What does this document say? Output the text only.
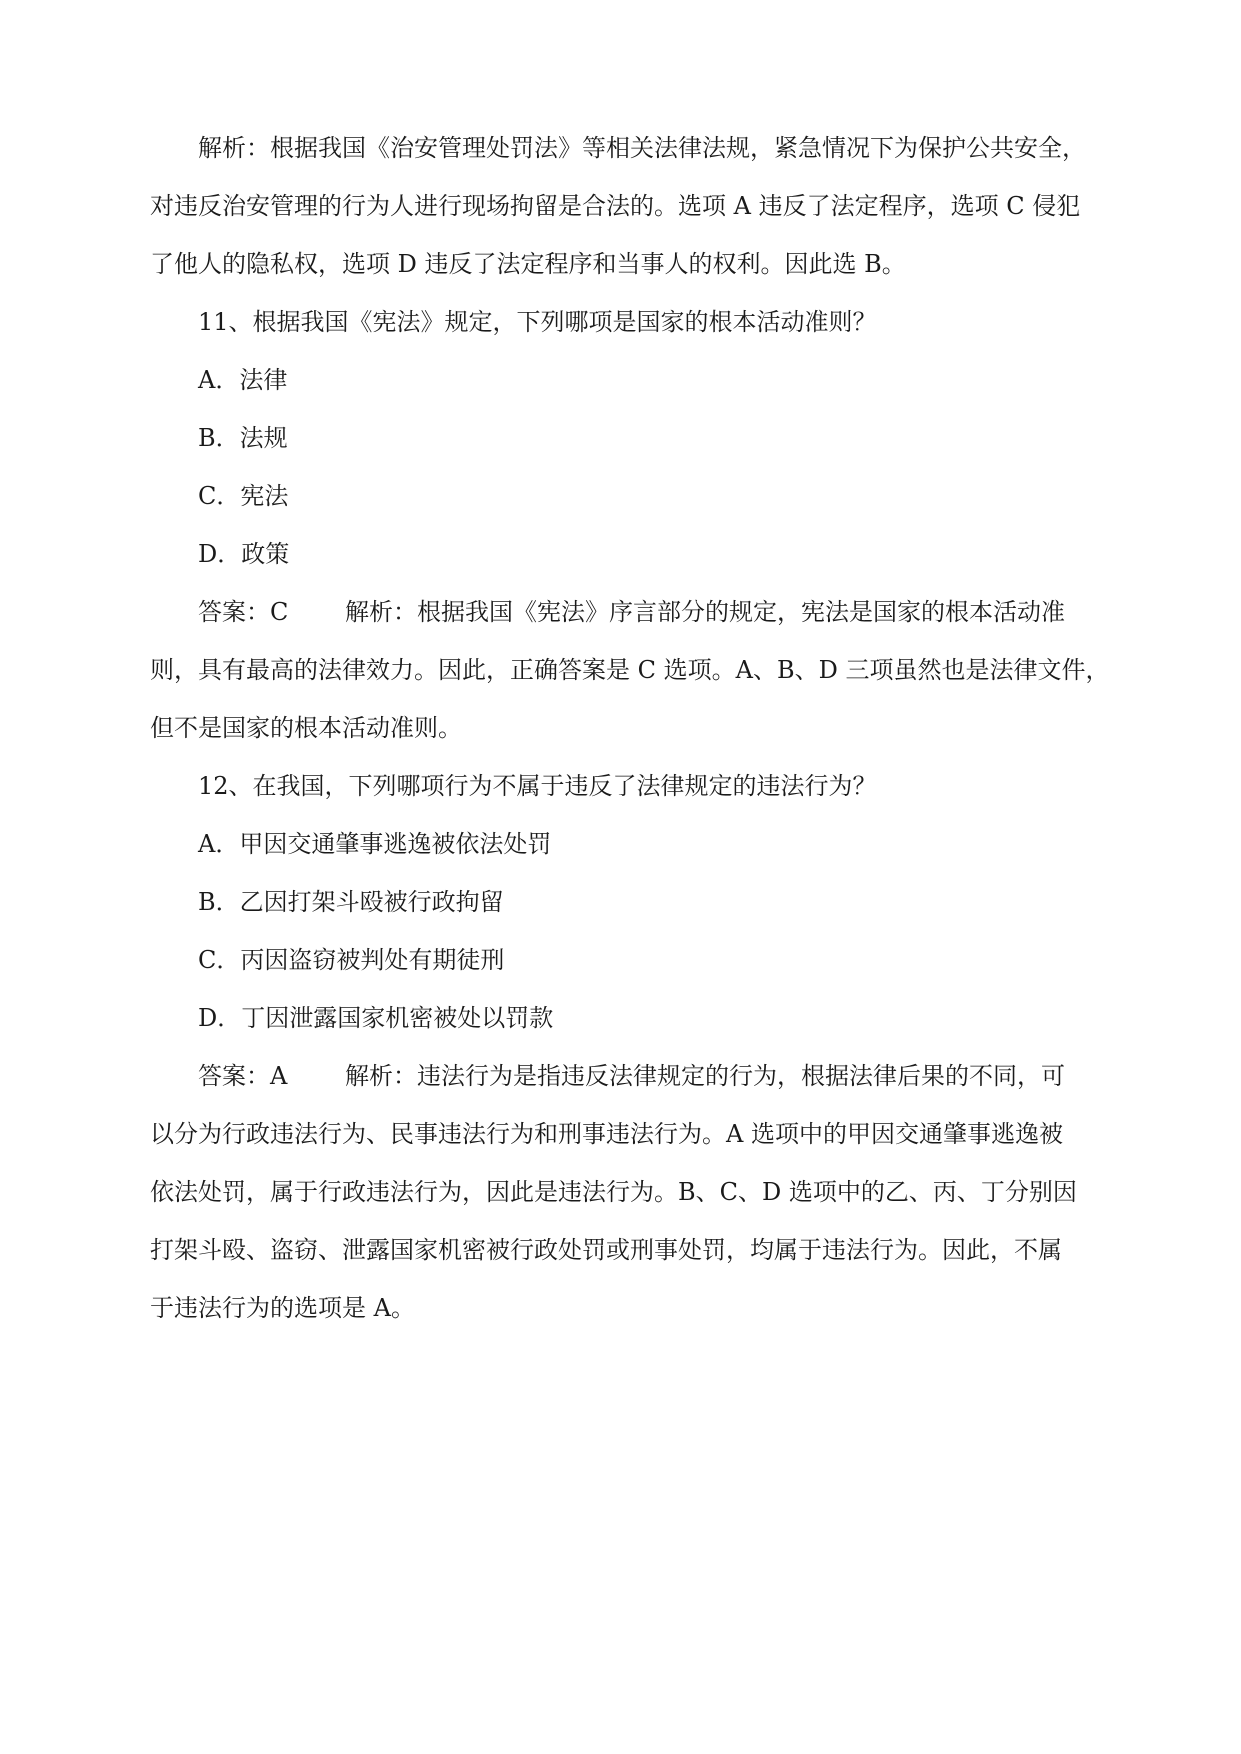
解析：根据我国《治安管理处罚法》等相关法律法规，紧急情况下为保护公共安全，
对违反治安管理的行为人进行现场拘留是合法的。选项 A 违反了法定程序，选项 C 侵犯
了他人的隐私权，选项 D 违反了法定程序和当事人的权利。因此选 B。
11、根据我国《宪法》规定，下列哪项是国家的根本活动准则？
A．法律
B．法规
C．宪法
D．政策
答案：C 解析：根据我国《宪法》序言部分的规定，宪法是国家的根本活动准
则，具有最高的法律效力。因此，正确答案是 C 选项。A、B、D 三项虽然也是法律文件，
但不是国家的根本活动准则。
12、在我国，下列哪项行为不属于违反了法律规定的违法行为？
A．甲因交通肇事逃逸被依法处罚
B．乙因打架斗殴被行政拘留
C．丙因盗窃被判处有期徒刑
D．丁因泄露国家机密被处以罚款
答案：A 解析：违法行为是指违反法律规定的行为，根据法律后果的不同，可
以分为行政违法行为、民事违法行为和刑事违法行为。A 选项中的甲因交通肇事逃逸被
依法处罚，属于行政违法行为，因此是违法行为。B、C、D 选项中的乙、丙、丁分别因
打架斗殴、盗窃、泄露国家机密被行政处罚或刑事处罚，均属于违法行为。因此，不属
于违法行为的选项是 A。
